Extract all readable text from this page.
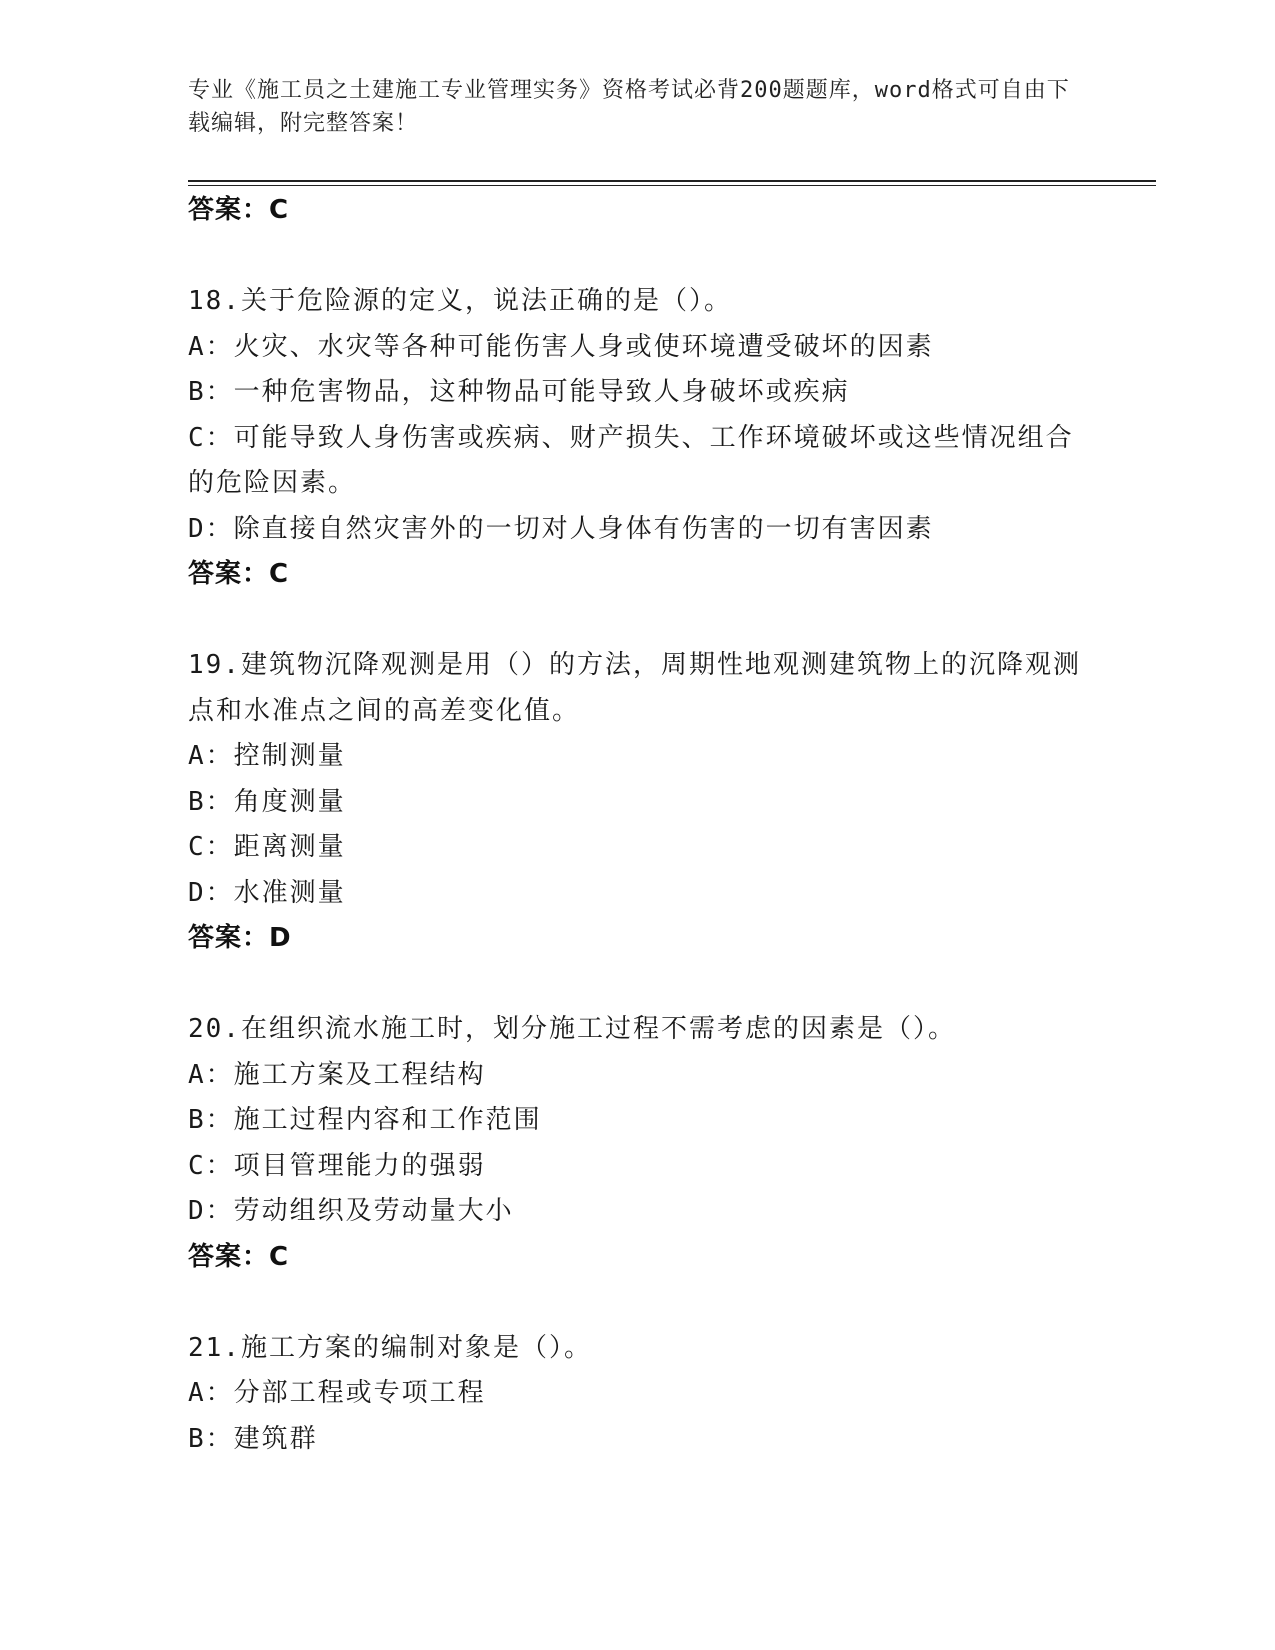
专业《施工员之土建施工专业管理实务》资格考试必背200题题库，word格式可自由下载编辑，附完整答案！
答案：C
18.关于危险源的定义，说法正确的是（）。
A：火灾、水灾等各种可能伤害人身或使环境遭受破坏的因素
B：一种危害物品，这种物品可能导致人身破坏或疾病
C：可能导致人身伤害或疾病、财产损失、工作环境破坏或这些情况组合的危险因素。
D：除直接自然灾害外的一切对人身体有伤害的一切有害因素
答案：C
19.建筑物沉降观测是用（）的方法，周期性地观测建筑物上的沉降观测点和水准点之间的高差变化值。
A：控制测量
B：角度测量
C：距离测量
D：水准测量
答案：D
20.在组织流水施工时，划分施工过程不需考虑的因素是（）。
A：施工方案及工程结构
B：施工过程内容和工作范围
C：项目管理能力的强弱
D：劳动组织及劳动量大小
答案：C
21.施工方案的编制对象是（）。
A：分部工程或专项工程
B：建筑群
